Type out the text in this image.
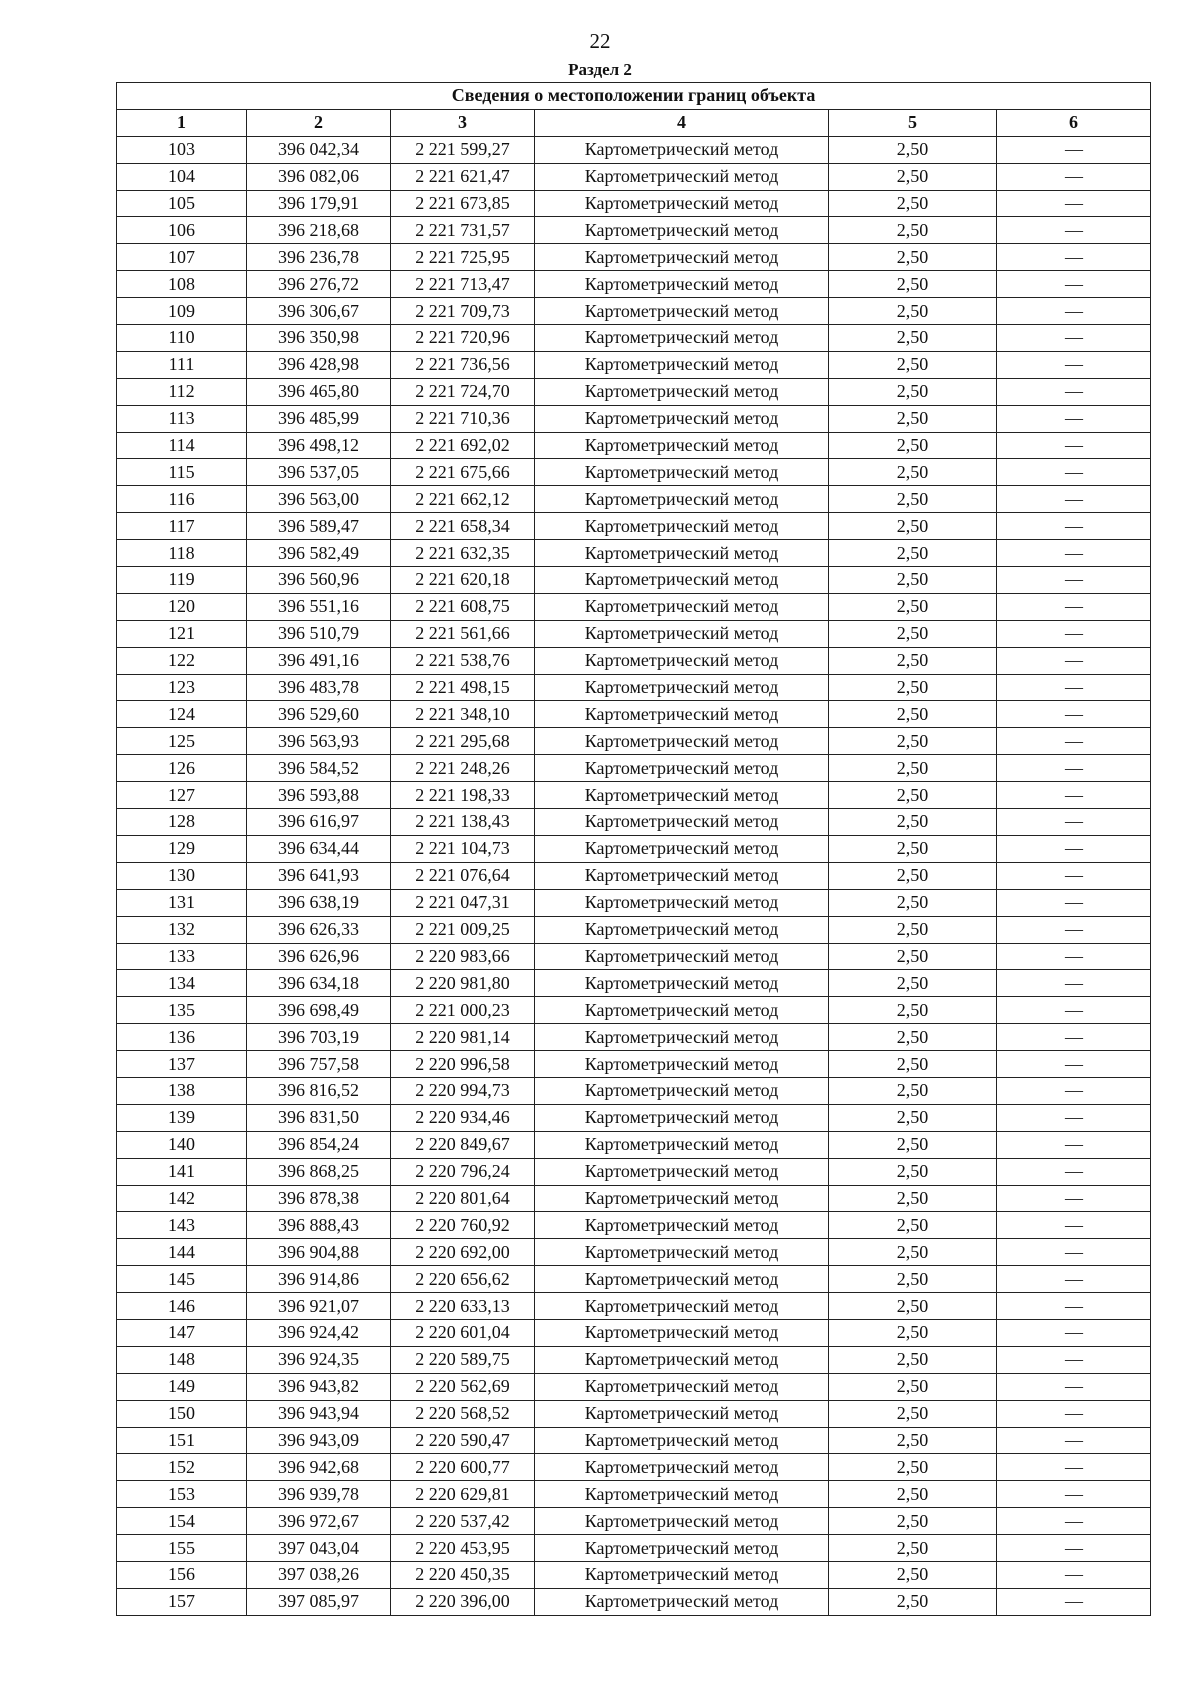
22
Раздел 2
Сведения о местоположении границ объекта					
1	2	3	4	5	6
103	396 042,34	2 221 599,27	Картометрический метод	2,50	—
104	396 082,06	2 221 621,47	Картометрический метод	2,50	—
105	396 179,91	2 221 673,85	Картометрический метод	2,50	—
106	396 218,68	2 221 731,57	Картометрический метод	2,50	—
107	396 236,78	2 221 725,95	Картометрический метод	2,50	—
108	396 276,72	2 221 713,47	Картометрический метод	2,50	—
109	396 306,67	2 221 709,73	Картометрический метод	2,50	—
110	396 350,98	2 221 720,96	Картометрический метод	2,50	—
111	396 428,98	2 221 736,56	Картометрический метод	2,50	—
112	396 465,80	2 221 724,70	Картометрический метод	2,50	—
113	396 485,99	2 221 710,36	Картометрический метод	2,50	—
114	396 498,12	2 221 692,02	Картометрический метод	2,50	—
115	396 537,05	2 221 675,66	Картометрический метод	2,50	—
116	396 563,00	2 221 662,12	Картометрический метод	2,50	—
117	396 589,47	2 221 658,34	Картометрический метод	2,50	—
118	396 582,49	2 221 632,35	Картометрический метод	2,50	—
119	396 560,96	2 221 620,18	Картометрический метод	2,50	—
120	396 551,16	2 221 608,75	Картометрический метод	2,50	—
121	396 510,79	2 221 561,66	Картометрический метод	2,50	—
122	396 491,16	2 221 538,76	Картометрический метод	2,50	—
123	396 483,78	2 221 498,15	Картометрический метод	2,50	—
124	396 529,60	2 221 348,10	Картометрический метод	2,50	—
125	396 563,93	2 221 295,68	Картометрический метод	2,50	—
126	396 584,52	2 221 248,26	Картометрический метод	2,50	—
127	396 593,88	2 221 198,33	Картометрический метод	2,50	—
128	396 616,97	2 221 138,43	Картометрический метод	2,50	—
129	396 634,44	2 221 104,73	Картометрический метод	2,50	—
130	396 641,93	2 221 076,64	Картометрический метод	2,50	—
131	396 638,19	2 221 047,31	Картометрический метод	2,50	—
132	396 626,33	2 221 009,25	Картометрический метод	2,50	—
133	396 626,96	2 220 983,66	Картометрический метод	2,50	—
134	396 634,18	2 220 981,80	Картометрический метод	2,50	—
135	396 698,49	2 221 000,23	Картометрический метод	2,50	—
136	396 703,19	2 220 981,14	Картометрический метод	2,50	—
137	396 757,58	2 220 996,58	Картометрический метод	2,50	—
138	396 816,52	2 220 994,73	Картометрический метод	2,50	—
139	396 831,50	2 220 934,46	Картометрический метод	2,50	—
140	396 854,24	2 220 849,67	Картометрический метод	2,50	—
141	396 868,25	2 220 796,24	Картометрический метод	2,50	—
142	396 878,38	2 220 801,64	Картометрический метод	2,50	—
143	396 888,43	2 220 760,92	Картометрический метод	2,50	—
144	396 904,88	2 220 692,00	Картометрический метод	2,50	—
145	396 914,86	2 220 656,62	Картометрический метод	2,50	—
146	396 921,07	2 220 633,13	Картометрический метод	2,50	—
147	396 924,42	2 220 601,04	Картометрический метод	2,50	—
148	396 924,35	2 220 589,75	Картометрический метод	2,50	—
149	396 943,82	2 220 562,69	Картометрический метод	2,50	—
150	396 943,94	2 220 568,52	Картометрический метод	2,50	—
151	396 943,09	2 220 590,47	Картометрический метод	2,50	—
152	396 942,68	2 220 600,77	Картометрический метод	2,50	—
153	396 939,78	2 220 629,81	Картометрический метод	2,50	—
154	396 972,67	2 220 537,42	Картометрический метод	2,50	—
155	397 043,04	2 220 453,95	Картометрический метод	2,50	—
156	397 038,26	2 220 450,35	Картометрический метод	2,50	—
157	397 085,97	2 220 396,00	Картометрический метод	2,50	—
